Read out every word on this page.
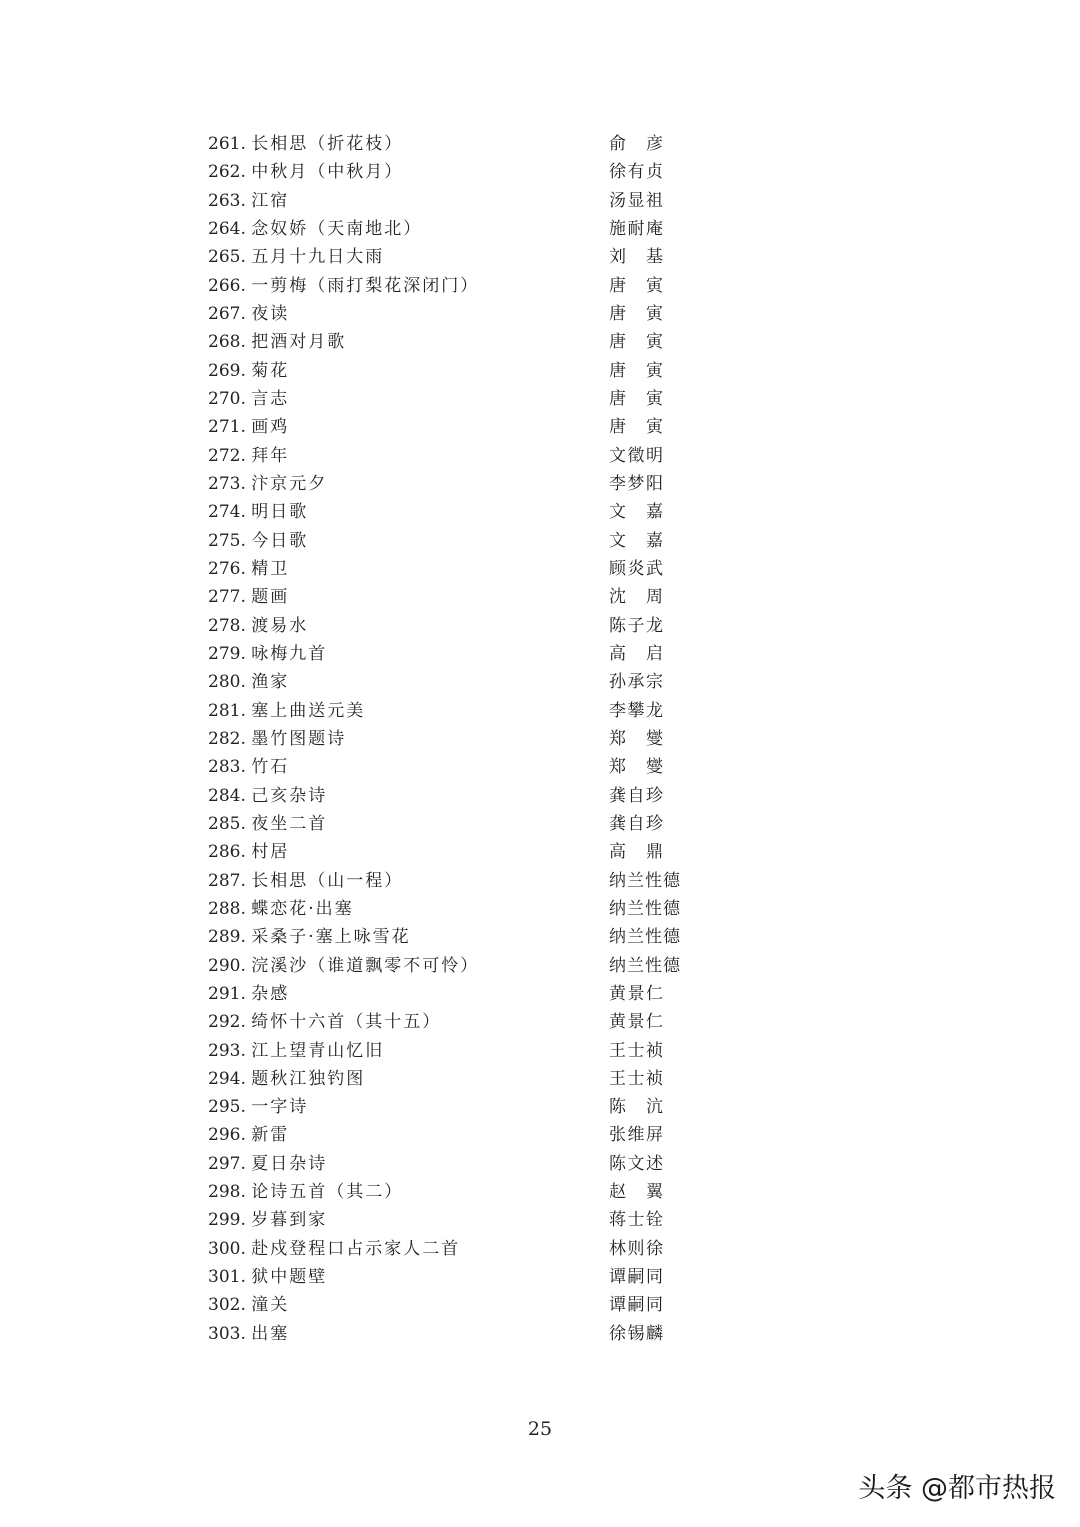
261. 长相思（折花枝）	俞彦
262. 中秋月（中秋月）	徐有贞
263. 江宿	汤显祖
264. 念奴娇（天南地北）	施耐庵
265. 五月十九日大雨	刘基
266. 一剪梅（雨打梨花深闭门）	唐寅
267. 夜读	唐寅
268. 把酒对月歌	唐寅
269. 菊花	唐寅
270. 言志	唐寅
271. 画鸡	唐寅
272. 拜年	文徵明
273. 汴京元夕	李梦阳
274. 明日歌	文嘉
275. 今日歌	文嘉
276. 精卫	顾炎武
277. 题画	沈周
278. 渡易水	陈子龙
279. 咏梅九首	高启
280. 渔家	孙承宗
281. 塞上曲送元美	李攀龙
282. 墨竹图题诗	郑燮
283. 竹石	郑燮
284. 己亥杂诗	龚自珍
285. 夜坐二首	龚自珍
286. 村居	高鼎
287. 长相思（山一程）	纳兰性德
288. 蝶恋花·出塞	纳兰性德
289. 采桑子·塞上咏雪花	纳兰性德
290. 浣溪沙（谁道飘零不可怜）	纳兰性德
291. 杂感	黄景仁
292. 绮怀十六首（其十五）	黄景仁
293. 江上望青山忆旧	王士祯
294. 题秋江独钓图	王士祯
295. 一字诗	陈沆
296. 新雷	张维屏
297. 夏日杂诗	陈文述
298. 论诗五首（其二）	赵翼
299. 岁暮到家	蒋士铨
300. 赴戍登程口占示家人二首	林则徐
301. 狱中题壁	谭嗣同
302. 潼关	谭嗣同
303. 出塞	徐锡麟
25
头条 @都市热报
